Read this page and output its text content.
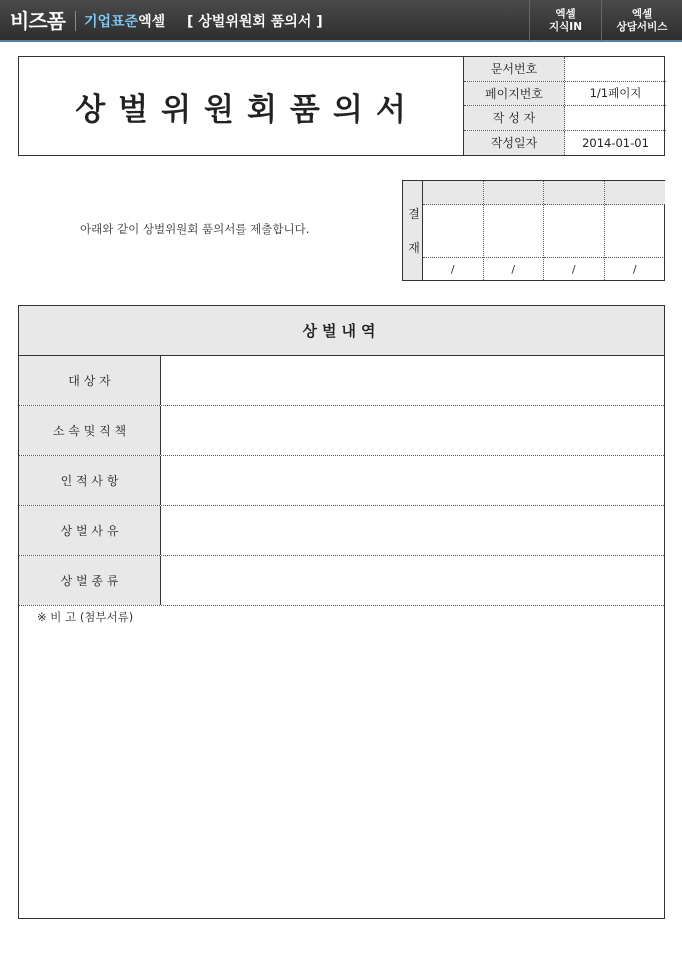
비즈폼 기업표준엑셀 [ 상벌위원회 품의서 ]	엑셀
지식IN
엑셀
상담서비스
상벌위원회품의서
문서번호
페이지번호	1/1페이지
작 성 자
작성일자	2014-01-01
아래와 같이 상벌위원회 품의서를 제출합니다.
결
재
/	/	/	/
상벌내역
대 상 자
소 속 및 직 책
인 적 사 항
상 벌 사 유
상 벌 종 류
※ 비 고 (첨부서류)
